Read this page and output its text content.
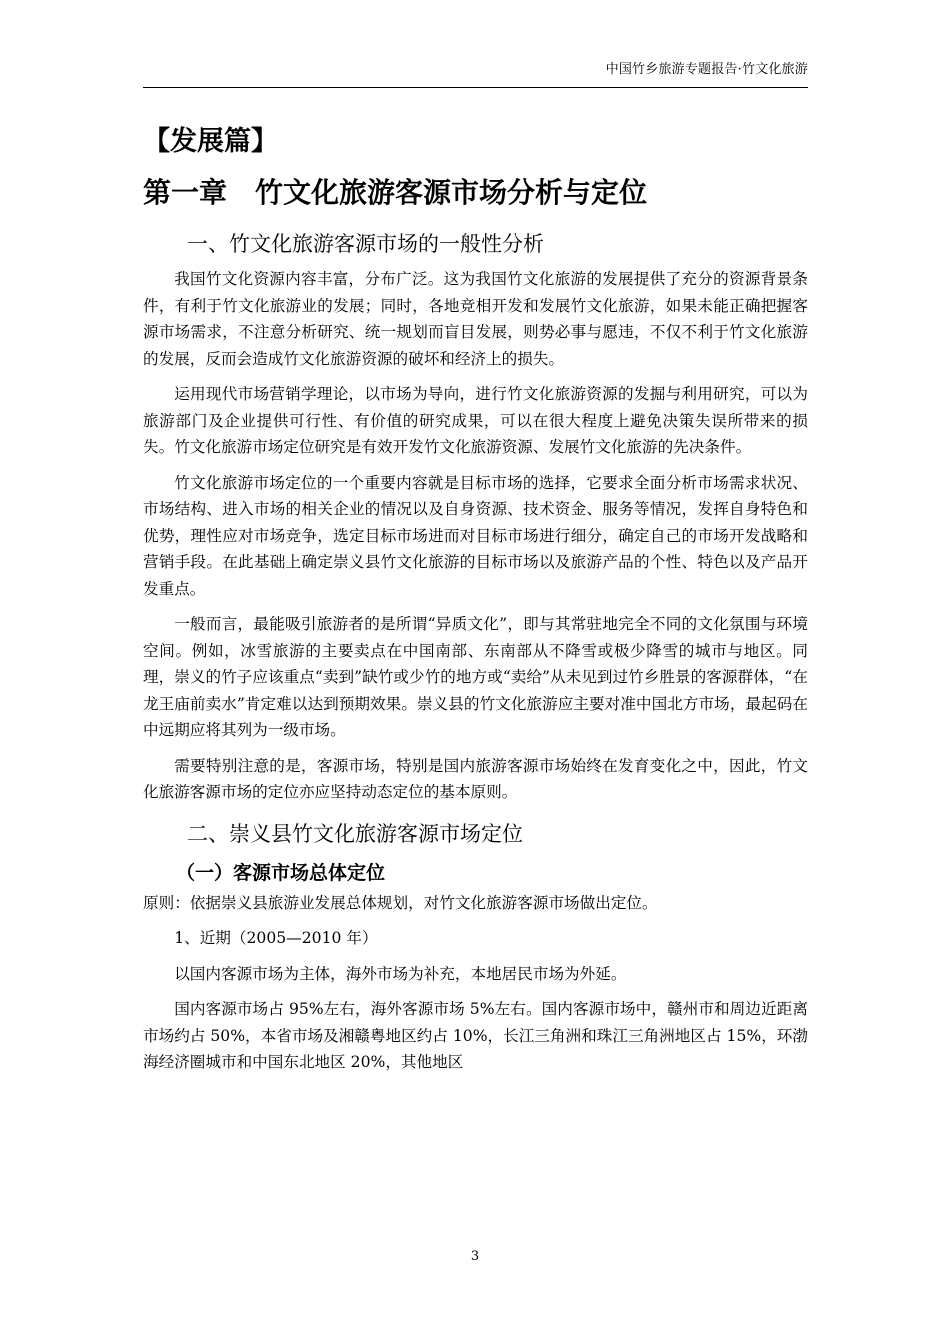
中国竹乡旅游专题报告·竹文化旅游
【发展篇】
第一章　竹文化旅游客源市场分析与定位
一、竹文化旅游客源市场的一般性分析

我国竹文化资源内容丰富，分布广泛。这为我国竹文化旅游的发展提供了充分的资源背景条件，有利于竹文化旅游业的发展；同时，各地竞相开发和发展竹文化旅游，如果未能正确把握客源市场需求，不注意分析研究、统一规划而盲目发展，则势必事与愿违，不仅不利于竹文化旅游的发展，反而会造成竹文化旅游资源的破坏和经济上的损失。

运用现代市场营销学理论，以市场为导向，进行竹文化旅游资源的发掘与利用研究，可以为旅游部门及企业提供可行性、有价值的研究成果，可以在很大程度上避免决策失误所带来的损失。竹文化旅游市场定位研究是有效开发竹文化旅游资源、发展竹文化旅游的先决条件。

竹文化旅游市场定位的一个重要内容就是目标市场的选择，它要求全面分析市场需求状况、市场结构、进入市场的相关企业的情况以及自身资源、技术资金、服务等情况，发挥自身特色和优势，理性应对市场竞争，选定目标市场进而对目标市场进行细分，确定自己的市场开发战略和营销手段。在此基础上确定崇义县竹文化旅游的目标市场以及旅游产品的个性、特色以及产品开发重点。

一般而言，最能吸引旅游者的是所谓“异质文化”，即与其常驻地完全不同的文化氛围与环境空间。例如，冰雪旅游的主要卖点在中国南部、东南部从不降雪或极少降雪的城市与地区。同理，崇义的竹子应该重点“卖到”缺竹或少竹的地方或“卖给”从未见到过竹乡胜景的客源群体，“在龙王庙前卖水”肯定难以达到预期效果。崇义县的竹文化旅游应主要对准中国北方市场，最起码在中远期应将其列为一级市场。

需要特别注意的是，客源市场，特别是国内旅游客源市场始终在发育变化之中，因此，竹文化旅游客源市场的定位亦应坚持动态定位的基本原则。

二、崇义县竹文化旅游客源市场定位
（一）客源市场总体定位

原则：依据崇义县旅游业发展总体规划，对竹文化旅游客源市场做出定位。

1、近期（2005—2010 年）

以国内客源市场为主体，海外市场为补充，本地居民市场为外延。

国内客源市场占 95%左右，海外客源市场 5%左右。国内客源市场中，赣州市和周边近距离市场约占 50%，本省市场及湘赣粤地区约占 10%，长江三角洲和珠江三角洲地区占 15%，环渤海经济圈城市和中国东北地区 20%，其他地区

3
